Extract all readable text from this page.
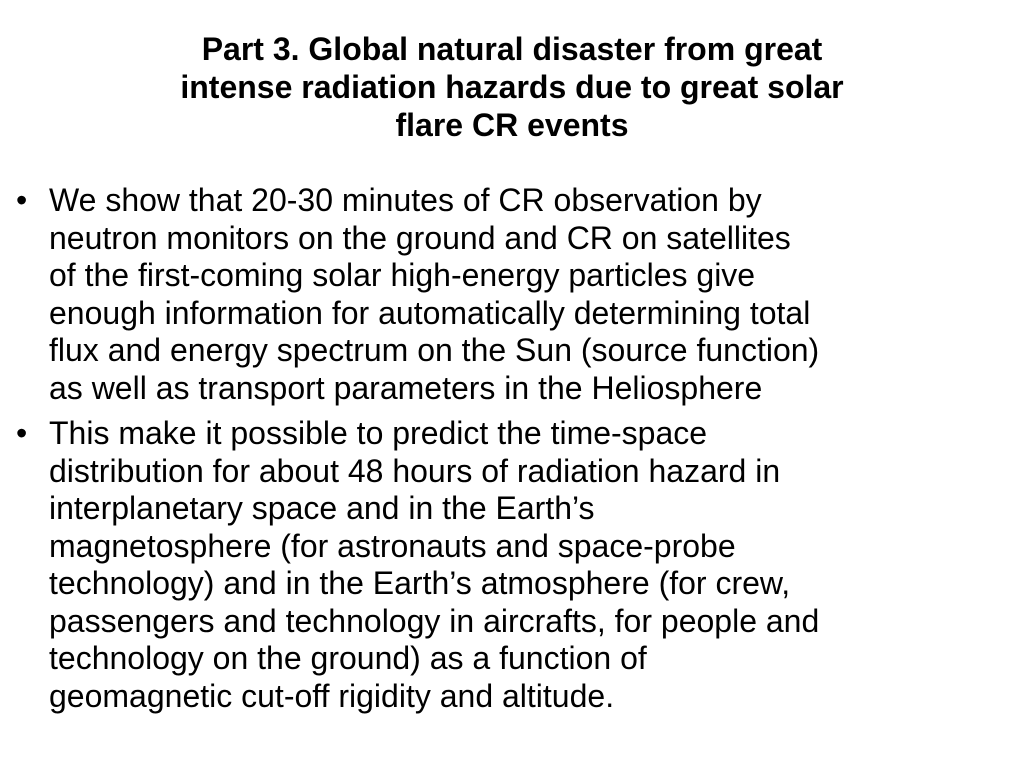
Part 3. Global natural disaster from great
intense radiation hazards due to great solar
flare CR events
• We show that 20-30 minutes of CR observation by
neutron monitors on the ground and CR on satellites
of the first-coming solar high-energy particles give
enough information for automatically determining total
flux and energy spectrum on the Sun (source function)
as well as transport parameters in the Heliosphere
• This make it possible to predict the time-space
distribution for about 48 hours of radiation hazard in
interplanetary space and in the Earth’s
magnetosphere (for astronauts and space-probe
technology) and in the Earth’s atmosphere (for crew,
passengers and technology in aircrafts, for people and
technology on the ground) as a function of
geomagnetic cut-off rigidity and altitude.
